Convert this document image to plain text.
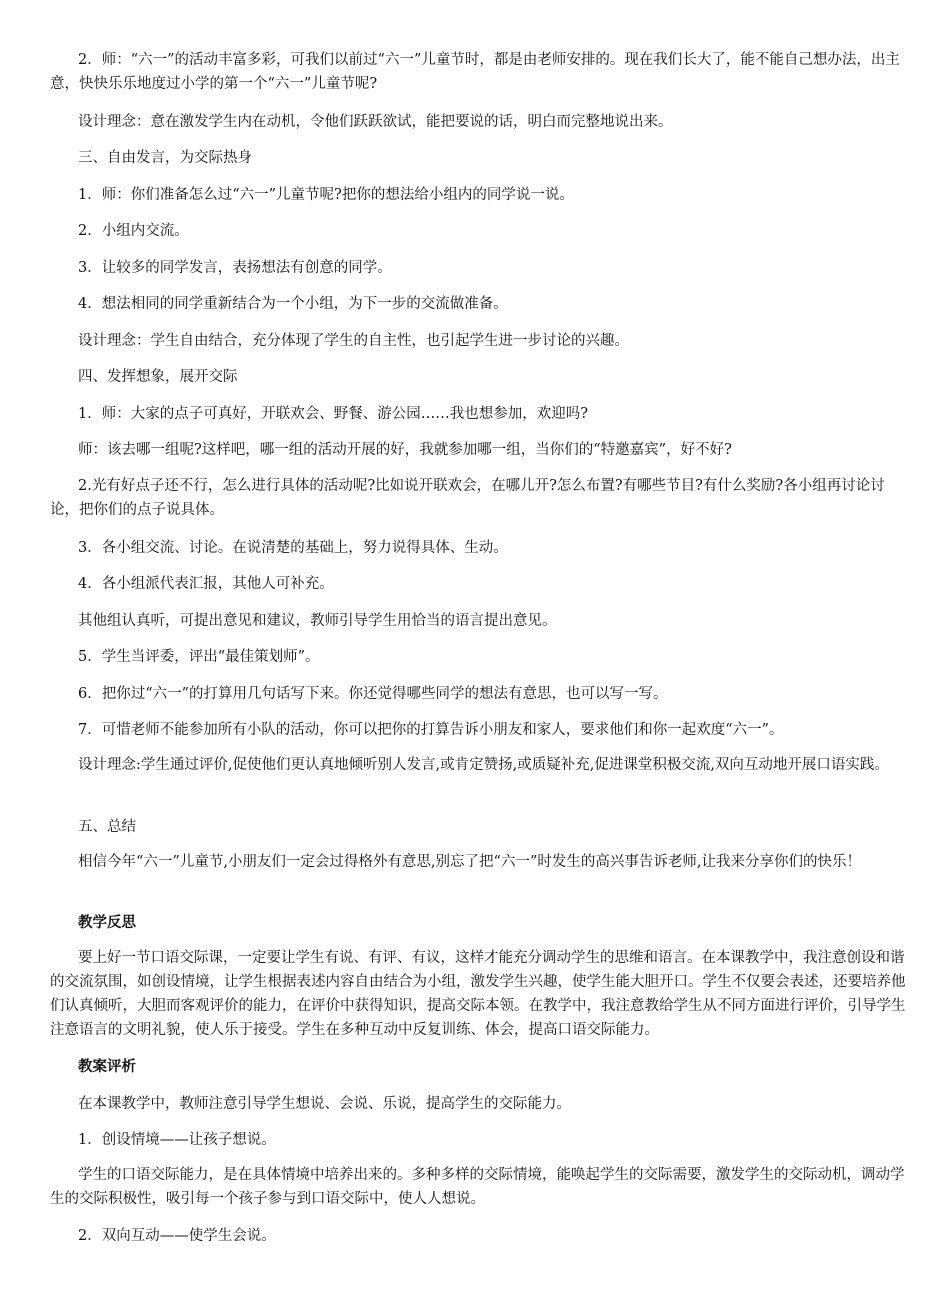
2．师：“六一”的活动丰富多彩，可我们以前过“六一”儿童节时，都是由老师安排的。现在我们长大了，能不能自己想办法，出主意，快快乐乐地度过小学的第一个“六一”儿童节呢?

设计理念：意在激发学生内在动机，令他们跃跃欲试，能把要说的话，明白而完整地说出来。

三、自由发言，为交际热身

1．师：你们准备怎么过“六一”儿童节呢?把你的想法给小组内的同学说一说。

2．小组内交流。

3．让较多的同学发言，表扬想法有创意的同学。

4．想法相同的同学重新结合为一个小组，为下一步的交流做准备。

设计理念：学生自由结合，充分体现了学生的自主性，也引起学生进一步讨论的兴趣。

四、发挥想象，展开交际

1．师：大家的点子可真好，开联欢会、野餐、游公园……我也想参加，欢迎吗?

师：该去哪一组呢?这样吧，哪一组的活动开展的好，我就参加哪一组，当你们的“特邀嘉宾”，好不好?

2.光有好点子还不行，怎么进行具体的活动呢?比如说开联欢会，在哪儿开?怎么布置?有哪些节目?有什么奖励?各小组再讨论讨论，把你们的点子说具体。

3．各小组交流、讨论。在说清楚的基础上，努力说得具体、生动。

4．各小组派代表汇报，其他人可补充。

其他组认真听，可提出意见和建议，教师引导学生用恰当的语言提出意见。

5．学生当评委，评出“最佳策划师”。

6．把你过“六一”的打算用几句话写下来。你还觉得哪些同学的想法有意思，也可以写一写。

7．可惜老师不能参加所有小队的活动，你可以把你的打算告诉小朋友和家人，要求他们和你一起欢度“六一”。

设计理念:学生通过评价,促使他们更认真地倾听别人发言,或肯定赞扬,或质疑补充,促进课堂积极交流,双向互动地开展口语实践。

五、总结

相信今年“六一”儿童节,小朋友们一定会过得格外有意思,别忘了把“六一”时发生的高兴事告诉老师,让我来分享你们的快乐！

教学反思

要上好一节口语交际课，一定要让学生有说、有评、有议，这样才能充分调动学生的思维和语言。在本课教学中，我注意创设和谐的交流氛围，如创设情境，让学生根据表述内容自由结合为小组，激发学生兴趣，使学生能大胆开口。学生不仅要会表述，还要培养他们认真倾听，大胆而客观评价的能力，在评价中获得知识，提高交际本领。在教学中，我注意教给学生从不同方面进行评价，引导学生注意语言的文明礼貌，使人乐于接受。学生在多种互动中反复训练、体会，提高口语交际能力。

教案评析

在本课教学中，教师注意引导学生想说、会说、乐说，提高学生的交际能力。

1．创设情境——让孩子想说。

学生的口语交际能力，是在具体情境中培养出来的。多种多样的交际情境，能唤起学生的交际需要，激发学生的交际动机，调动学生的交际积极性，吸引每一个孩子参与到口语交际中，使人人想说。

2．双向互动——使学生会说。
